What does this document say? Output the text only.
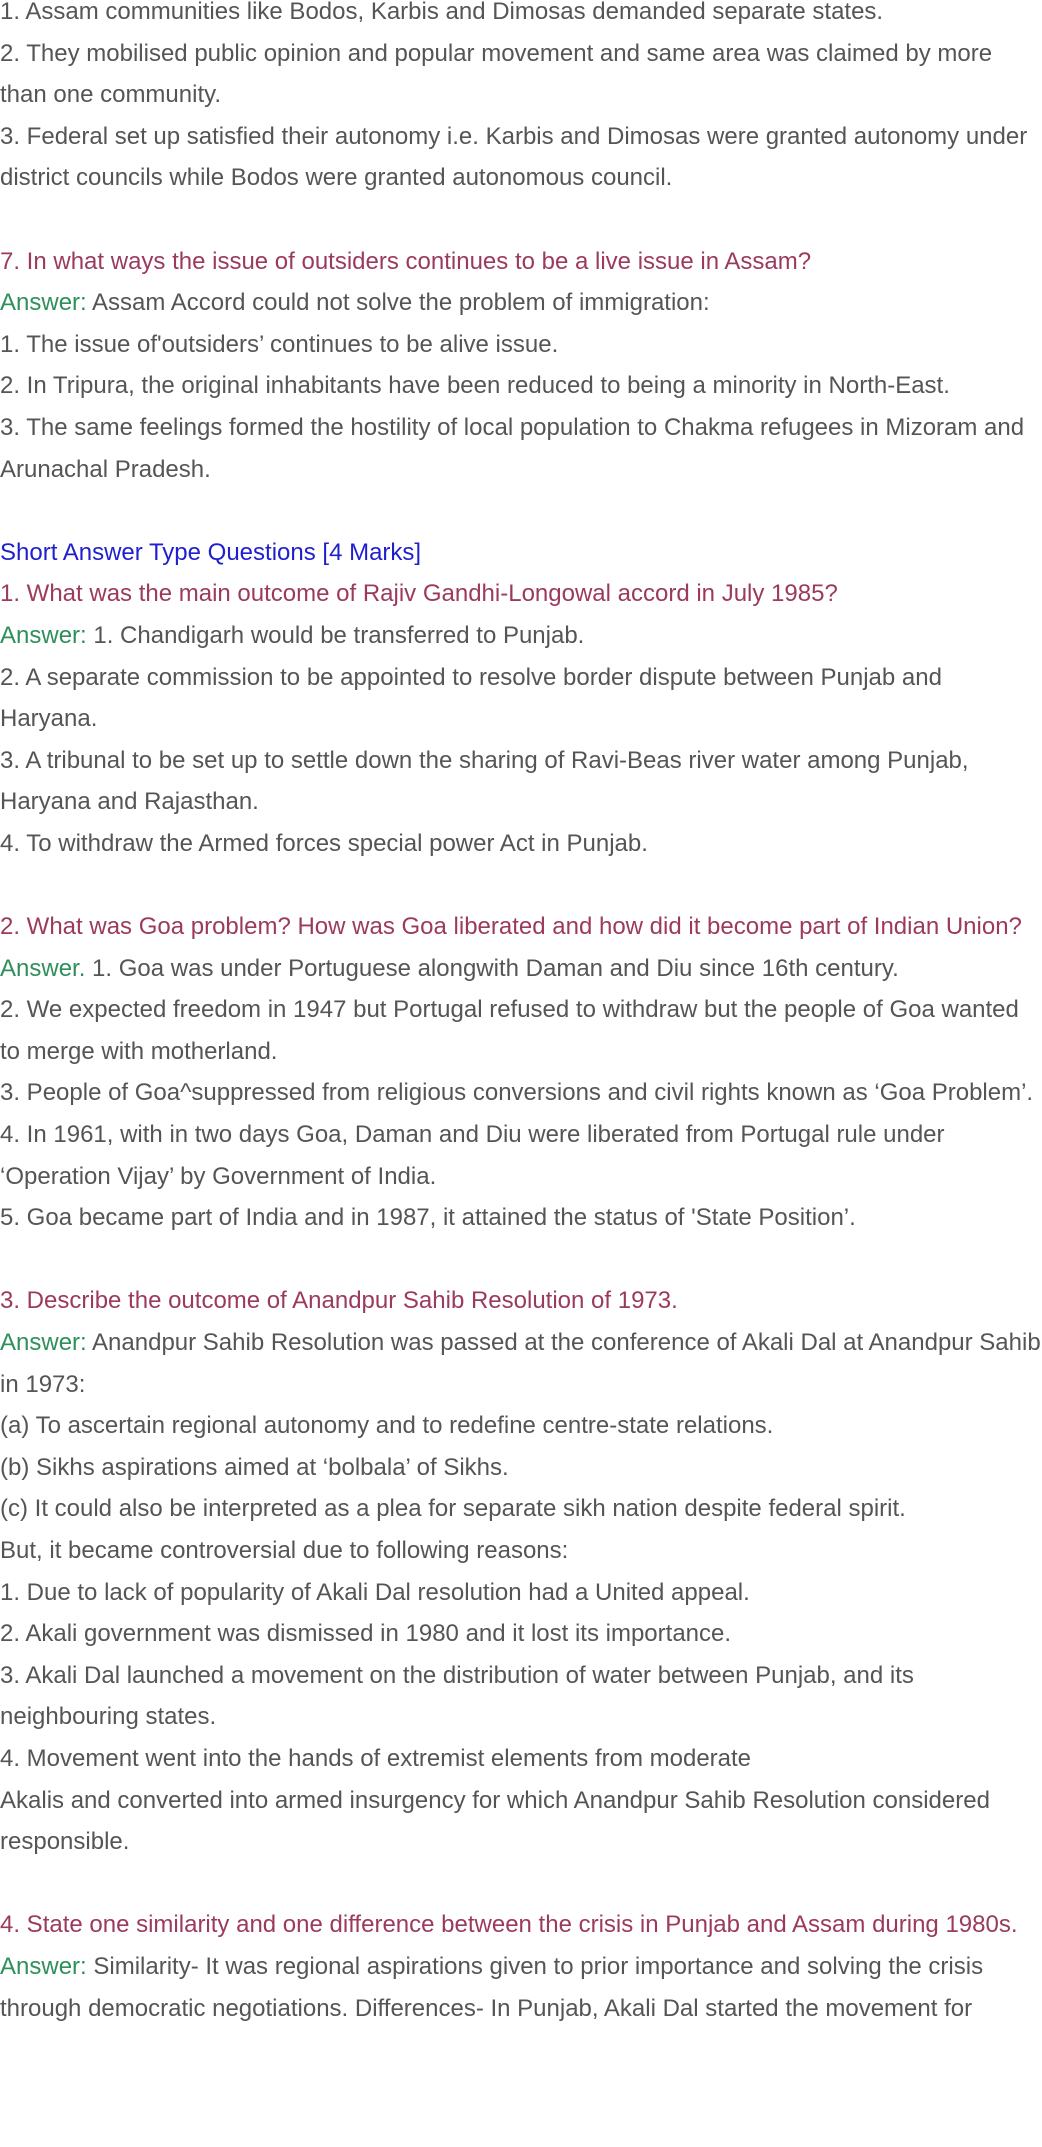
1. Assam communities like Bodos, Karbis and Dimosas demanded separate states.

2. They mobilised public opinion and popular movement and same area was claimed by more than one community.

3. Federal set up satisfied their autonomy i.e. Karbis and Dimosas were granted autonomy under district councils while Bodos were granted autonomous council.

7. In what ways the issue of outsiders continues to be a live issue in Assam?

Answer: Assam Accord could not solve the problem of immigration:

1. The issue of'outsiders’ continues to be alive issue.

2. In Tripura, the original inhabitants have been reduced to being a minority in North-East.

3. The same feelings formed the hostility of local population to Chakma refugees in Mizoram and Arunachal Pradesh.

Short Answer Type Questions [4 Marks]

1. What was the main outcome of Rajiv Gandhi-Longowal accord in July 1985?

Answer: 1. Chandigarh would be transferred to Punjab.

2. A separate commission to be appointed to resolve border dispute between Punjab and Haryana.

3. A tribunal to be set up to settle down the sharing of Ravi-Beas river water among Punjab, Haryana and Rajasthan.

4. To withdraw the Armed forces special power Act in Punjab.

2. What was Goa problem? How was Goa liberated and how did it become part of Indian Union?

Answer. 1. Goa was under Portuguese alongwith Daman and Diu since 16th century.

2. We expected freedom in 1947 but Portugal refused to withdraw but the people of Goa wanted to merge with motherland.

3. People of Goa^suppressed from religious conversions and civil rights known as ‘Goa Problem’.

4. In 1961, with in two days Goa, Daman and Diu were liberated from Portugal rule under ‘Operation Vijay’ by Government of India.

5. Goa became part of India and in 1987, it attained the status of 'State Position’.

3. Describe the outcome of Anandpur Sahib Resolution of 1973.

Answer: Anandpur Sahib Resolution was passed at the conference of Akali Dal at Anandpur Sahib in 1973:

(a) To ascertain regional autonomy and to redefine centre-state relations.

(b) Sikhs aspirations aimed at ‘bolbala’ of Sikhs.

(c) It could also be interpreted as a plea for separate sikh nation despite federal spirit.

But, it became controversial due to following reasons:

1. Due to lack of popularity of Akali Dal resolution had a United appeal.

2. Akali government was dismissed in 1980 and it lost its importance.

3. Akali Dal launched a movement on the distribution of water between Punjab, and its neighbouring states.

4. Movement went into the hands of extremist elements from moderate

Akalis and converted into armed insurgency for which Anandpur Sahib Resolution considered responsible.

4. State one similarity and one difference between the crisis in Punjab and Assam during 1980s.

Answer: Similarity- It was regional aspirations given to prior importance and solving the crisis through democratic negotiations. Differences- In Punjab, Akali Dal started the movement for
